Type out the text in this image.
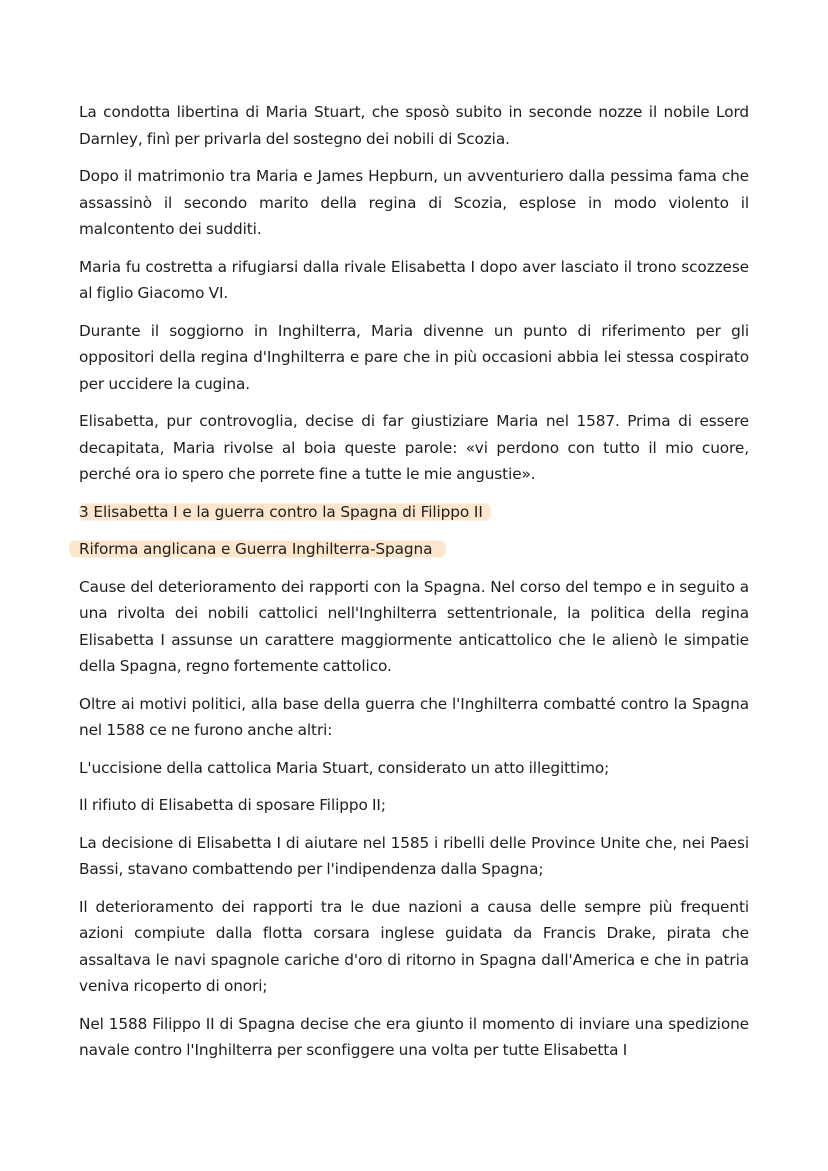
La condotta libertina di Maria Stuart, che sposò subito in seconde nozze il nobile Lord Darnley, finì per privarla del sostegno dei nobili di Scozia.

Dopo il matrimonio tra Maria e James Hepburn, un avventuriero dalla pessima fama che assassinò il secondo marito della regina di Scozia, esplose in modo violento il malcontento dei sudditi.

Maria fu costretta a rifugiarsi dalla rivale Elisabetta I dopo aver lasciato il trono scozzese al figlio Giacomo VI.

Durante il soggiorno in Inghilterra, Maria divenne un punto di riferimento per gli oppositori della regina d'Inghilterra e pare che in più occasioni abbia lei stessa cospirato per uccidere la cugina.

Elisabetta, pur controvoglia, decise di far giustiziare Maria nel 1587. Prima di essere decapitata, Maria rivolse al boia queste parole: «vi perdono con tutto il mio cuore, perché ora io spero che porrete fine a tutte le mie angustie».

3 Elisabetta I e la guerra contro la Spagna di Filippo II

Riforma anglicana e Guerra Inghilterra-Spagna

Cause del deterioramento dei rapporti con la Spagna. Nel corso del tempo e in seguito a una rivolta dei nobili cattolici nell'Inghilterra settentrionale, la politica della regina Elisabetta I assunse un carattere maggiormente anticattolico che le alienò le simpatie della Spagna, regno fortemente cattolico.

Oltre ai motivi politici, alla base della guerra che l'Inghilterra combatté contro la Spagna nel 1588 ce ne furono anche altri:

L'uccisione della cattolica Maria Stuart, considerato un atto illegittimo;

Il rifiuto di Elisabetta di sposare Filippo II;

La decisione di Elisabetta I di aiutare nel 1585 i ribelli delle Province Unite che, nei Paesi Bassi, stavano combattendo per l'indipendenza dalla Spagna;

Il deterioramento dei rapporti tra le due nazioni a causa delle sempre più frequenti azioni compiute dalla flotta corsara inglese guidata da Francis Drake, pirata che assaltava le navi spagnole cariche d'oro di ritorno in Spagna dall'America e che in patria veniva ricoperto di onori;

Nel 1588 Filippo II di Spagna decise che era giunto il momento di inviare una spedizione navale contro l'Inghilterra per sconfiggere una volta per tutte Elisabetta I
